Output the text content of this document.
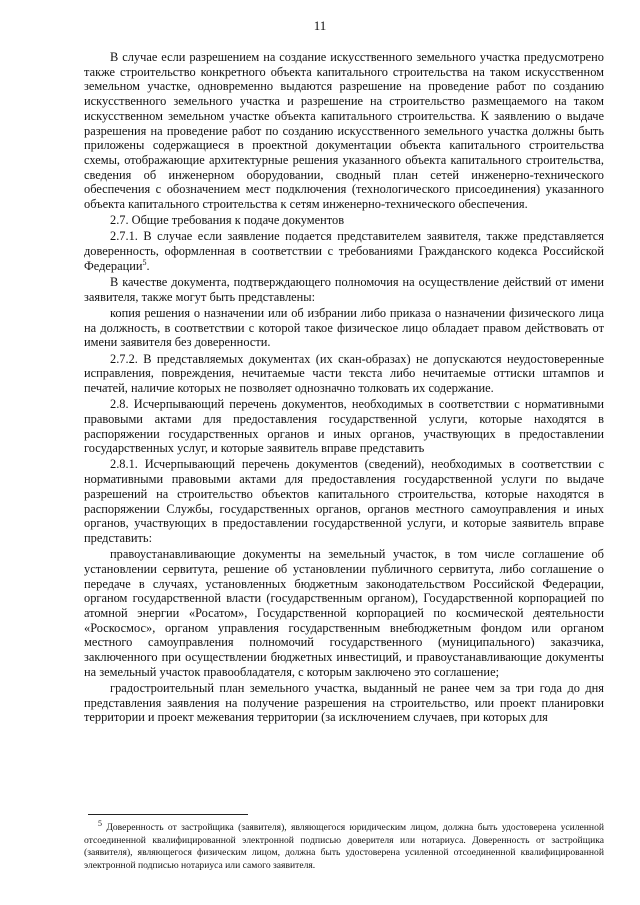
11

В случае если разрешением на создание искусственного земельного участка предусмотрено также строительство конкретного объекта капитального строительства на таком искусственном земельном участке, одновременно выдаются разрешение на проведение работ по созданию искусственного земельного участка и разрешение на строительство размещаемого на таком искусственном земельном участке объекта капитального строительства. К заявлению о выдаче разрешения на проведение работ по созданию искусственного земельного участка должны быть приложены содержащиеся в проектной документации объекта капитального строительства схемы, отображающие архитектурные решения указанного объекта капитального строительства, сведения об инженерном оборудовании, сводный план сетей инженерно-технического обеспечения с обозначением мест подключения (технологического присоединения) указанного объекта капитального строительства к сетям инженерно-технического обеспечения.

2.7. Общие требования к подаче документов

2.7.1. В случае если заявление подается представителем заявителя, также представляется доверенность, оформленная в соответствии с требованиями Гражданского кодекса Российской Федерации$^5$.

В качестве документа, подтверждающего полномочия на осуществление действий от имени заявителя, также могут быть представлены:

копия решения о назначении или об избрании либо приказа о назначении физического лица на должность, в соответствии с которой такое физическое лицо обладает правом действовать от имени заявителя без доверенности.

2.7.2. В представляемых документах (их скан-образах) не допускаются неудостоверенные исправления, повреждения, нечитаемые части текста либо нечитаемые оттиски штампов и печатей, наличие которых не позволяет однозначно толковать их содержание.

2.8. Исчерпывающий перечень документов, необходимых в соответствии с нормативными правовыми актами для предоставления государственной услуги, которые находятся в распоряжении государственных органов и иных органов, участвующих в предоставлении государственных услуг, и которые заявитель вправе представить

2.8.1. Исчерпывающий перечень документов (сведений), необходимых в соответствии с нормативными правовыми актами для предоставления государственной услуги по выдаче разрешений на строительство объектов капитального строительства, которые находятся в распоряжении Службы, государственных органов, органов местного самоуправления и иных органов, участвующих в предоставлении государственной услуги, и которые заявитель вправе представить:

правоустанавливающие документы на земельный участок, в том числе соглашение об установлении сервитута, решение об установлении публичного сервитута, либо соглашение о передаче в случаях, установленных бюджетным законодательством Российской Федерации, органом государственной власти (государственным органом), Государственной корпорацией по атомной энергии «Росатом», Государственной корпорацией по космической деятельности «Роскосмос», органом управления государственным внебюджетным фондом или органом местного самоуправления полномочий государственного (муниципального) заказчика, заключенного при осуществлении бюджетных инвестиций, и правоустанавливающие документы на земельный участок правообладателя, с которым заключено это соглашение;

градостроительный план земельного участка, выданный не ранее чем за три года до дня представления заявления на получение разрешения на строительство, или проект планировки территории и проект межевания территории (за исключением случаев, при которых для

$^5$ Доверенность от застройщика (заявителя), являющегося юридическим лицом, должна быть удостоверена усиленной отсоединенной квалифицированной электронной подписью доверителя или нотариуса. Доверенность от застройщика (заявителя), являющегося физическим лицом, должна быть удостоверена усиленной отсоединенной квалифицированной электронной подписью нотариуса или самого заявителя.
